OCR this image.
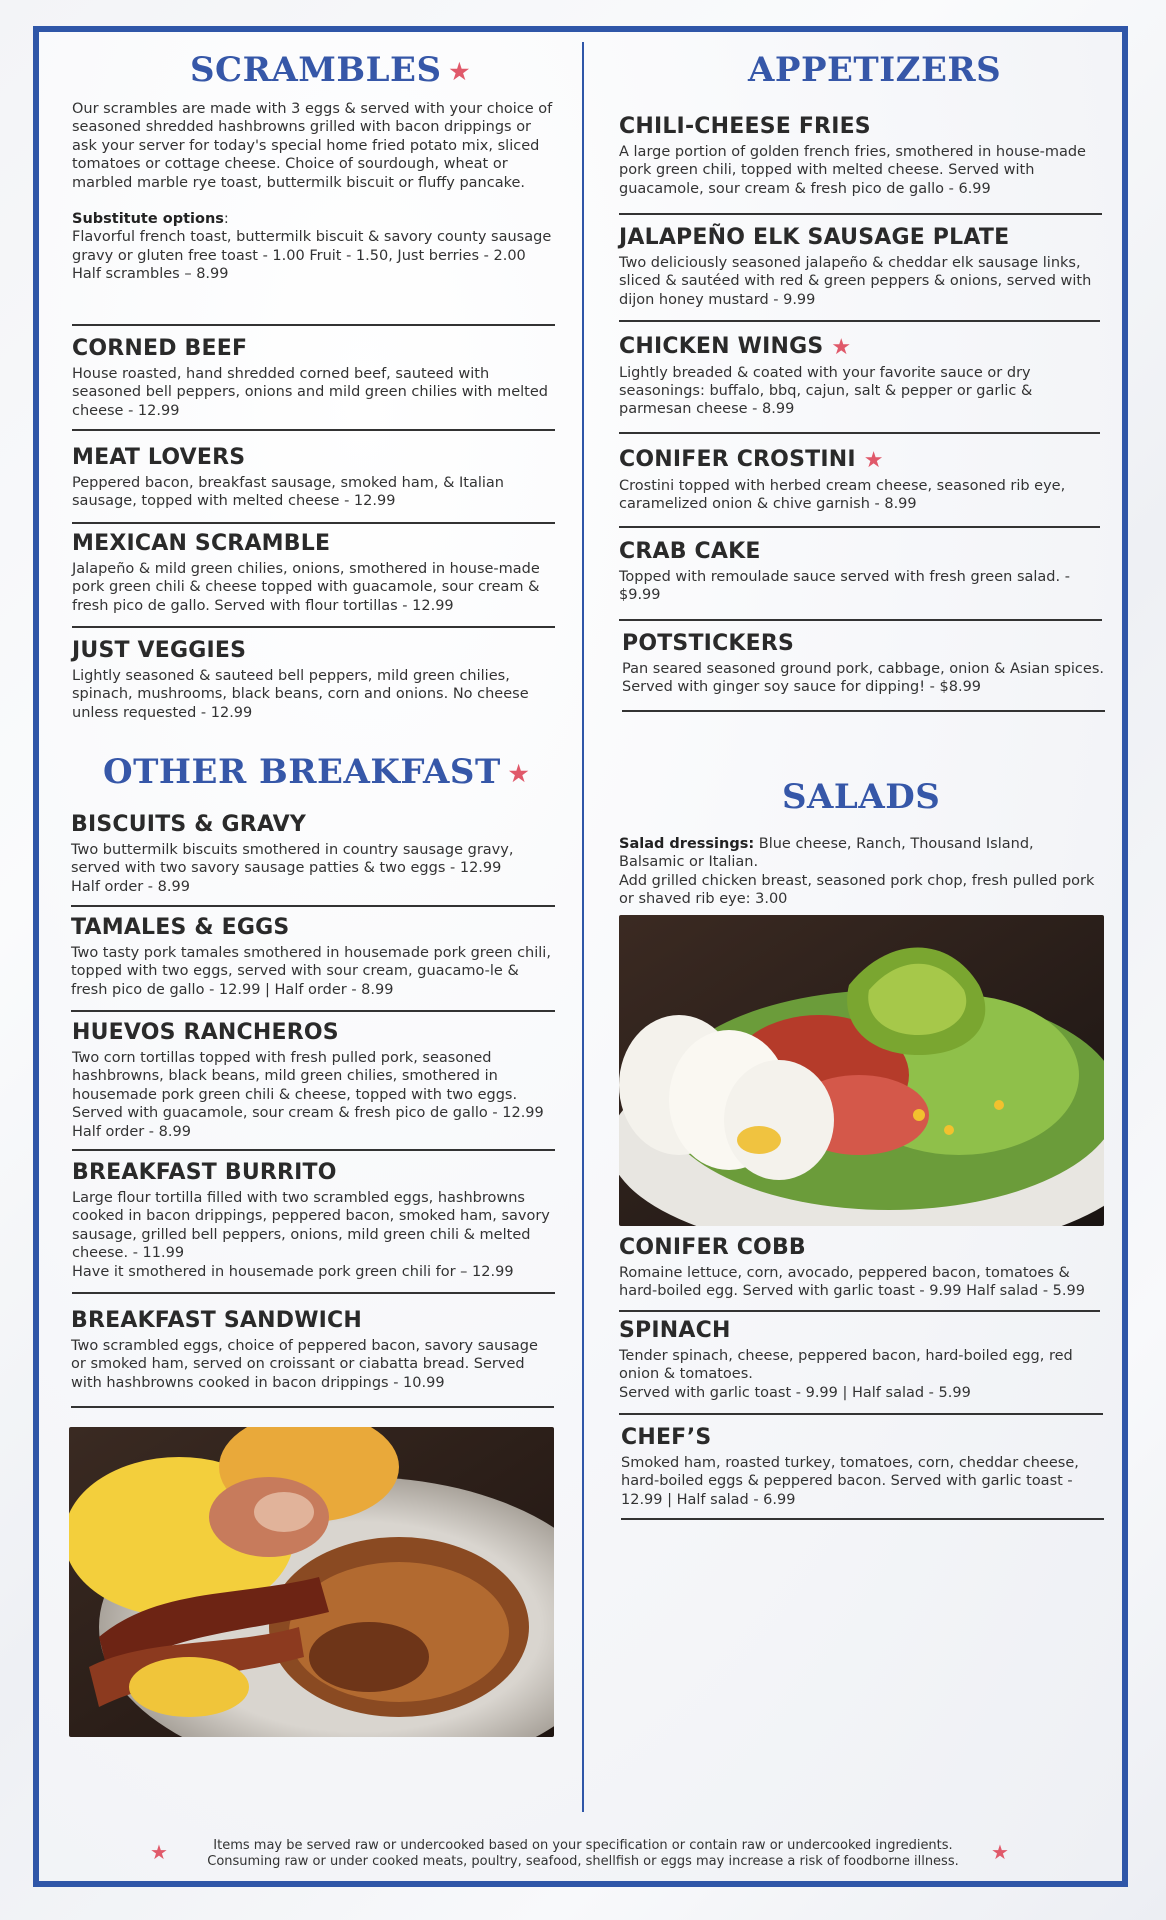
SCRAMBLES ★
Our scrambles are made with 3 eggs & served with your choice of seasoned shredded hashbrowns grilled with bacon drippings or ask your server for today's special home fried potato mix, sliced tomatoes or cottage cheese. Choice of sourdough, wheat or marbled marble rye toast, buttermilk biscuit or fluffy pancake.
Substitute options:
Flavorful french toast, buttermilk biscuit & savory county sausage gravy or gluten free toast - 1.00 Fruit - 1.50, Just berries - 2.00
Half scrambles – 8.99
CORNED BEEF

House roasted, hand shredded corned beef, sauteed with seasoned bell peppers, onions and mild green chilies with melted cheese - 12.99

MEAT LOVERS

Peppered bacon, breakfast sausage, smoked ham, & Italian sausage, topped with melted cheese - 12.99

MEXICAN SCRAMBLE

Jalapeño & mild green chilies, onions, smothered in house-made pork green chili & cheese topped with guacamole, sour cream & fresh pico de gallo. Served with flour tortillas - 12.99

JUST VEGGIES

Lightly seasoned & sauteed bell peppers, mild green chilies, spinach, mushrooms, black beans, corn and onions. No cheese unless requested - 12.99

OTHER BREAKFAST ★
BISCUITS & GRAVY

Two buttermilk biscuits smothered in country sausage gravy, served with two savory sausage patties & two eggs - 12.99
Half order - 8.99

TAMALES & EGGS

Two tasty pork tamales smothered in housemade pork green chili, topped with two eggs, served with sour cream, guacamo-le & fresh pico de gallo - 12.99 | Half order - 8.99

HUEVOS RANCHEROS

Two corn tortillas topped with fresh pulled pork, seasoned hashbrowns, black beans, mild green chilies, smothered in housemade pork green chili & cheese, topped with two eggs. Served with guacamole, sour cream & fresh pico de gallo - 12.99
Half order - 8.99

BREAKFAST BURRITO

Large flour tortilla filled with two scrambled eggs, hashbrowns cooked in bacon drippings, peppered bacon, smoked ham, savory sausage, grilled bell peppers, onions, mild green chili & melted cheese. - 11.99
Have it smothered in housemade pork green chili for – 12.99

BREAKFAST SANDWICH

Two scrambled eggs, choice of peppered bacon, savory sausage or smoked ham, served on croissant or ciabatta bread. Served with hashbrowns cooked in bacon drippings - 10.99

APPETIZERS
CHILI-CHEESE FRIES

A large portion of golden french fries, smothered in house-made pork green chili, topped with melted cheese. Served with guacamole, sour cream & fresh pico de gallo - 6.99

JALAPEÑO ELK SAUSAGE PLATE

Two deliciously seasoned jalapeño & cheddar elk sausage links, sliced & sautéed with red & green peppers & onions, served with dijon honey mustard - 9.99

CHICKEN WINGS ★

Lightly breaded & coated with your favorite sauce or dry seasonings: buffalo, bbq, cajun, salt & pepper or garlic & parmesan cheese - 8.99

CONIFER CROSTINI ★

Crostini topped with herbed cream cheese, seasoned rib eye, caramelized onion & chive garnish - 8.99

CRAB CAKE

Topped with remoulade sauce served with fresh green salad. - $9.99

POTSTICKERS

Pan seared seasoned ground pork, cabbage, onion & Asian spices. Served with ginger soy sauce for dipping! - $8.99

SALADS
Salad dressings: Blue cheese, Ranch, Thousand Island, Balsamic or Italian.
Add grilled chicken breast, seasoned pork chop, fresh pulled pork or shaved rib eye: 3.00
CONIFER COBB

Romaine lettuce, corn, avocado, peppered bacon, tomatoes & hard-boiled egg. Served with garlic toast - 9.99 Half salad - 5.99

SPINACH

Tender spinach, cheese, peppered bacon, hard-boiled egg, red onion & tomatoes.
Served with garlic toast - 9.99 | Half salad - 5.99

CHEF’S

Smoked ham, roasted turkey, tomatoes, corn, cheddar cheese, hard-boiled eggs & peppered bacon. Served with garlic toast - 12.99 | Half salad - 6.99

★	Items may be served raw or undercooked based on your specification or contain raw or undercooked ingredients.
Consuming raw or under cooked meats, poultry, seafood, shellfish or eggs may increase a risk of foodborne illness.	★
